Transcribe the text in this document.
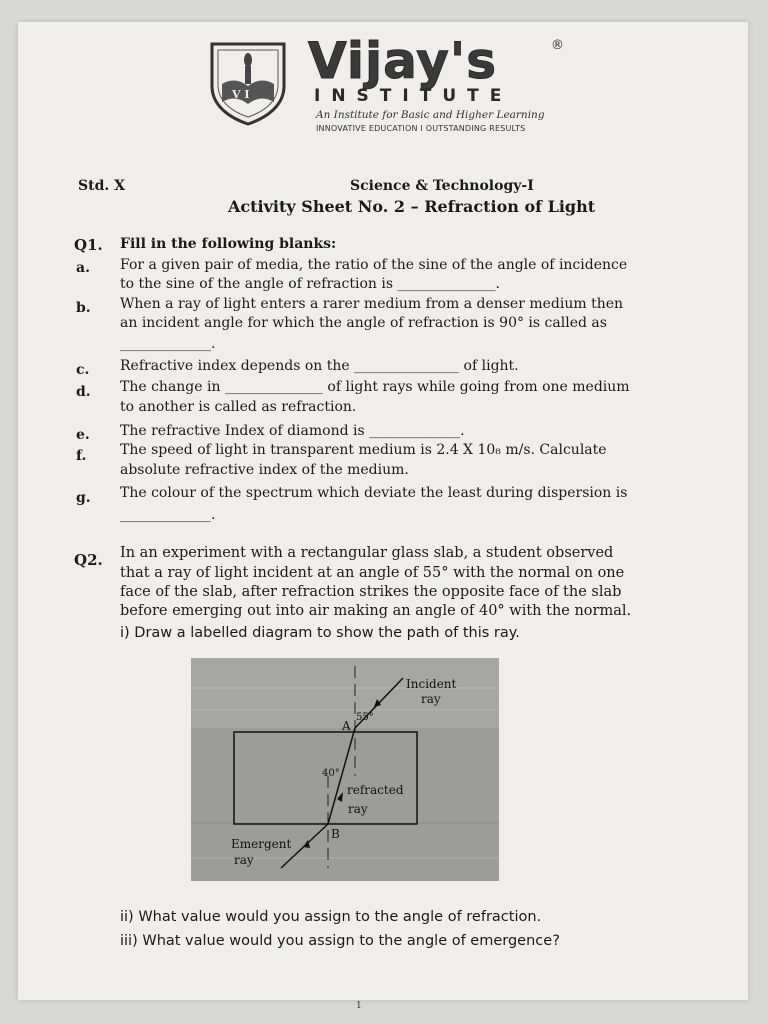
V I
Vijay's	®
INSTITUTE
An Institute for Basic and Higher Learning
INNOVATIVE EDUCATION I OUTSTANDING RESULTS
Std. X	Science & Technology-I
Activity Sheet No. 2 – Refraction of Light
Q1. Fill in the following blanks:
a. For a given pair of media, the ratio of the sine of the angle of incidence
to the sine of the angle of refraction is ______________.
b. When a ray of light enters a rarer medium from a denser medium then
an incident angle for which the angle of refraction is 90° is called as
_____________.
c. Refractive index depends on the _______________ of light.
d. The change in ______________ of light rays while going from one medium
to another is called as refraction.
e. The refractive Index of diamond is _____________.
f. The speed of light in transparent medium is 2.4 X 10₈ m/s. Calculate
absolute refractive index of the medium.
g. The colour of the spectrum which deviate the least during dispersion is
_____________.
Q2. In an experiment with a rectangular glass slab, a student observed
that a ray of light incident at an angle of 55° with the normal on one
face of the slab, after refraction strikes the opposite face of the slab
before emerging out into air making an angle of 40° with the normal.
i) Draw a labelled diagram to show the path of this ray.
Incident
ray
55°
A
40°
refracted
ray
B
Emergent
ray
ii) What value would you assign to the angle of refraction.
iii) What value would you assign to the angle of emergence?
1
